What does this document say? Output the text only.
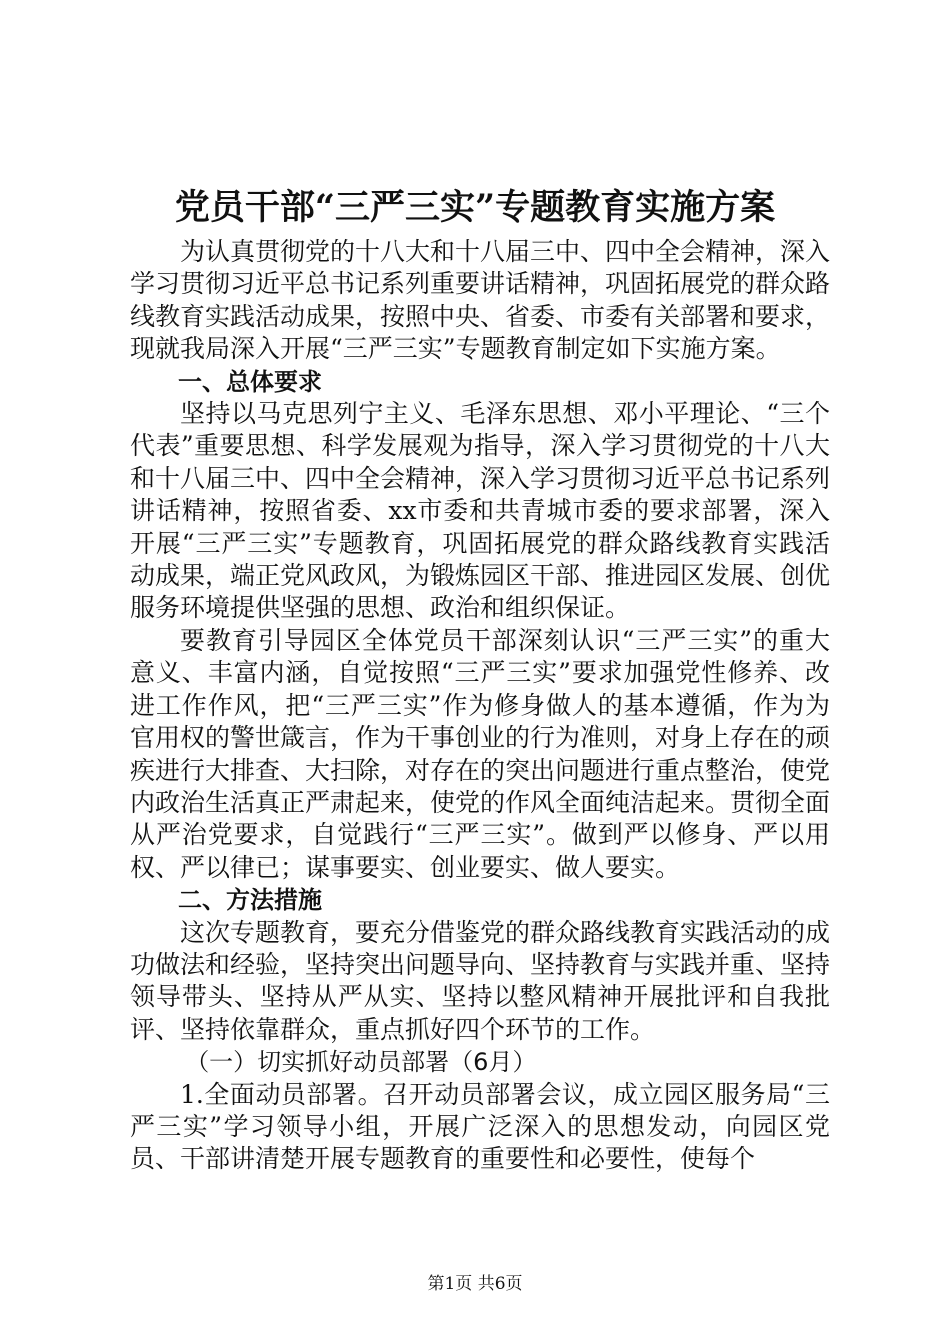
党员干部“三严三实”专题教育实施方案

为认真贯彻党的十八大和十八届三中、四中全会精神，深入学习贯彻习近平总书记系列重要讲话精神，巩固拓展党的群众路线教育实践活动成果，按照中央、省委、市委有关部署和要求，现就我局深入开展“三严三实”专题教育制定如下实施方案。

一、总体要求

坚持以马克思列宁主义、毛泽东思想、邓小平理论、“三个代表”重要思想、科学发展观为指导，深入学习贯彻党的十八大和十八届三中、四中全会精神，深入学习贯彻习近平总书记系列讲话精神，按照省委、xx市委和共青城市委的要求部署，深入开展“三严三实”专题教育，巩固拓展党的群众路线教育实践活动成果，端正党风政风，为锻炼园区干部、推进园区发展、创优服务环境提供坚强的思想、政治和组织保证。

要教育引导园区全体党员干部深刻认识“三严三实”的重大意义、丰富内涵，自觉按照“三严三实”要求加强党性修养、改进工作作风，把“三严三实”作为修身做人的基本遵循，作为为官用权的警世箴言，作为干事创业的行为准则，对身上存在的顽疾进行大排查、大扫除，对存在的突出问题进行重点整治，使党内政治生活真正严肃起来，使党的作风全面纯洁起来。贯彻全面从严治党要求，自觉践行“三严三实”。做到严以修身、严以用权、严以律已；谋事要实、创业要实、做人要实。

二、方法措施

这次专题教育，要充分借鉴党的群众路线教育实践活动的成功做法和经验，坚持突出问题导向、坚持教育与实践并重、坚持领导带头、坚持从严从实、坚持以整风精神开展批评和自我批评、坚持依靠群众，重点抓好四个环节的工作。

（一）切实抓好动员部署（6月）

1.全面动员部署。召开动员部署会议，成立园区服务局“三严三实”学习领导小组，开展广泛深入的思想发动，向园区党员、干部讲清楚开展专题教育的重要性和必要性，使每个

第1页 共6页
